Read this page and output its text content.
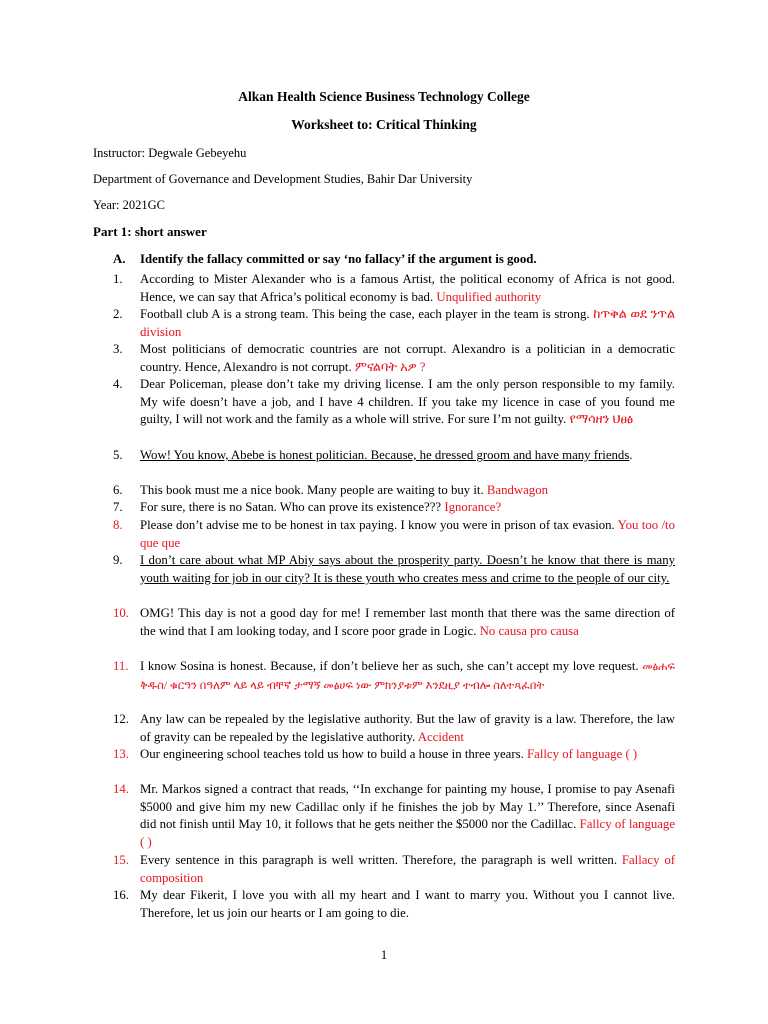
Alkan Health Science Business Technology College
Worksheet to: Critical Thinking
Instructor: Degwale Gebeyehu
Department of Governance and Development Studies, Bahir Dar University
Year: 2021GC
Part 1: short answer
A. Identify the fallacy committed or say ‘no fallacy’ if the argument is good.
1.	According to Mister Alexander who is a famous Artist, the political economy of Africa is not good. Hence, we can say that Africa’s political economy is bad. Unqulified authority
2.	Football club A is a strong team. This being the case, each player in the team is strong. ከጥቅል ወደ ንጥል division
3.	Most politicians of democratic countries are not corrupt. Alexandro is a politician in a democratic country. Hence, Alexandro is not corrupt. ምናልባት አዎ ?
4.	Dear Policeman, please don’t take my driving license. I am the only person responsible to my family. My wife doesn’t have a job, and I have 4 children. If you take my licence in case of you found me guilty, I will not work and the family as a whole will strive. For sure I’m not guilty. የማሳዘን ህፀፅ
5.	Wow! You know, Abebe is honest politician. Because, he dressed groom and have many friends.
6.	This book must me a nice book. Many people are waiting to buy it. Bandwagon
7.	For sure, there is no Satan. Who can prove its existence??? Ignorance?
8.	Please don’t advise me to be honest in tax paying. I know you were in prison of tax evasion. You too /to que que
9.	I don’t care about what MP Abiy says about the prosperity party. Doesn’t he know that there is many youth waiting for job in our city? It is these youth who creates mess and crime to the people of our city.
10. OMG! This day is not a good day for me! I remember last month that there was the same direction of the wind that I am looking today, and I score poor grade in Logic. No causa pro causa
11. I know Sosina is honest. Because, if don’t believe her as such, she can’t accept my love request. መፅሐፍ ቅዱስ/ ቁርዓን በዓለም ላይ ላይ ብቸኛ ታማኝ መፅሀፍ ነው ምክንያቱም እንደዚያ ተብሎ ስለተጻፈበት
12. Any law can be repealed by the legislative authority. But the law of gravity is a law. Therefore, the law of gravity can be repealed by the legislative authority. Accident
13. Our engineering school teaches told us how to build a house in three years. Fallcy of language ( )
14. Mr. Markos signed a contract that reads, ‘‘In exchange for painting my house, I promise to pay Asenafi $5000 and give him my new Cadillac only if he finishes the job by May 1.’’ Therefore, since Asenafi did not finish until May 10, it follows that he gets neither the $5000 nor the Cadillac. Fallcy of language ( )
15. Every sentence in this paragraph is well written. Therefore, the paragraph is well written. Fallacy of composition
16. My dear Fikerit, I love you with all my heart and I want to marry you. Without you I cannot live. Therefore, let us join our hearts or I am going to die.
1
